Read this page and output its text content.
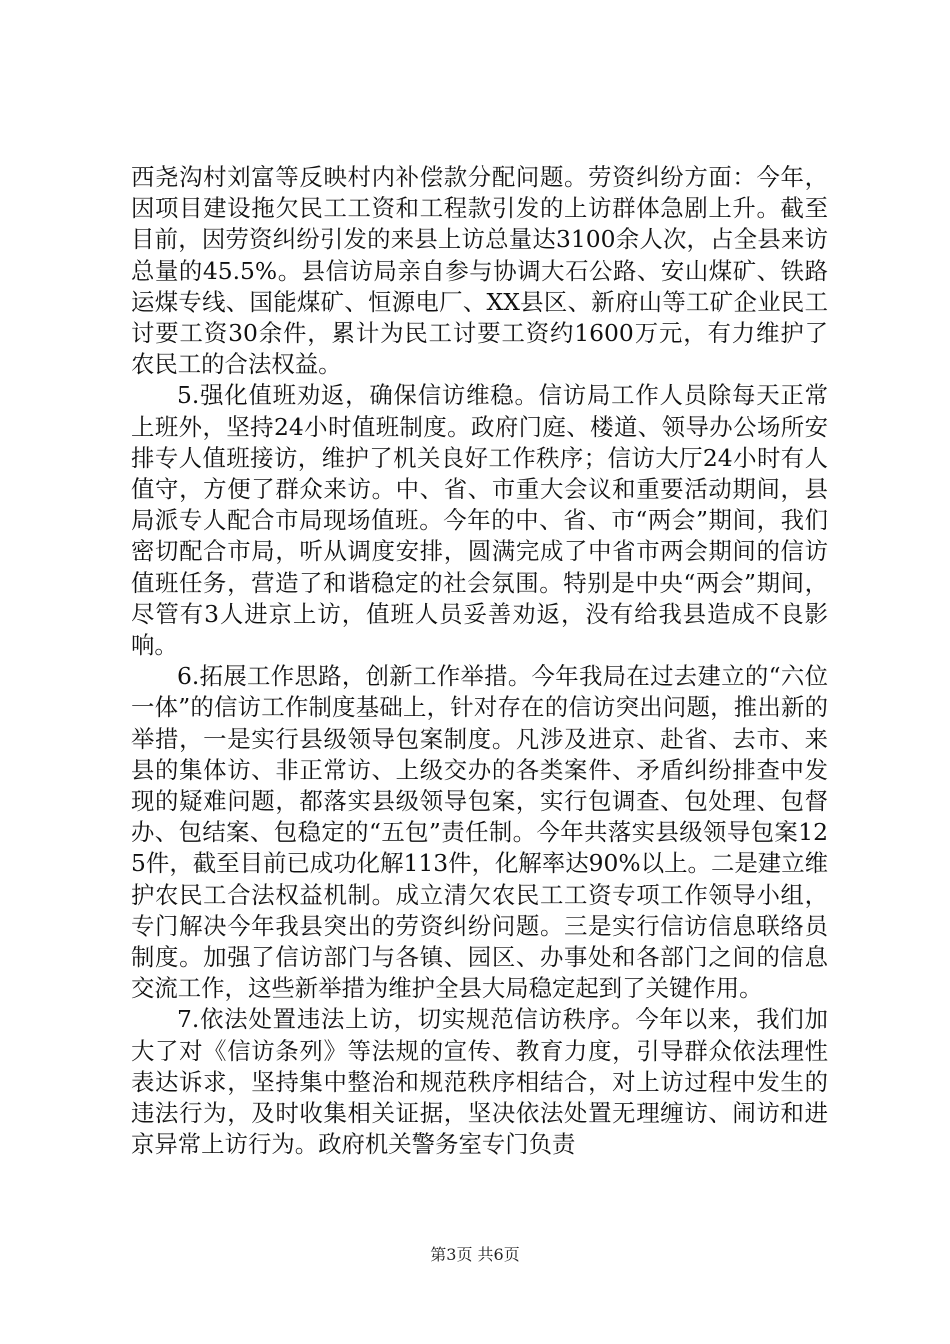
西尧沟村刘富等反映村内补偿款分配问题。劳资纠纷方面：今年，因项目建设拖欠民工工资和工程款引发的上访群体急剧上升。截至目前，因劳资纠纷引发的来县上访总量达3100余人次，占全县来访总量的45.5%。县信访局亲自参与协调大石公路、安山煤矿、铁路运煤专线、国能煤矿、恒源电厂、XX县区、新府山等工矿企业民工讨要工资30余件，累计为民工讨要工资约1600万元，有力维护了农民工的合法权益。

5.强化值班劝返，确保信访维稳。信访局工作人员除每天正常上班外，坚持24小时值班制度。政府门庭、楼道、领导办公场所安排专人值班接访，维护了机关良好工作秩序；信访大厅24小时有人值守，方便了群众来访。中、省、市重大会议和重要活动期间，县局派专人配合市局现场值班。今年的中、省、市“两会”期间，我们密切配合市局，听从调度安排，圆满完成了中省市两会期间的信访值班任务，营造了和谐稳定的社会氛围。特别是中央“两会”期间，尽管有3人进京上访，值班人员妥善劝返，没有给我县造成不良影响。

6.拓展工作思路，创新工作举措。今年我局在过去建立的“六位一体”的信访工作制度基础上，针对存在的信访突出问题，推出新的举措，一是实行县级领导包案制度。凡涉及进京、赴省、去市、来县的集体访、非正常访、上级交办的各类案件、矛盾纠纷排查中发现的疑难问题，都落实县级领导包案，实行包调查、包处理、包督办、包结案、包稳定的“五包”责任制。今年共落实县级领导包案125件，截至目前已成功化解113件，化解率达90%以上。二是建立维护农民工合法权益机制。成立清欠农民工工资专项工作领导小组，专门解决今年我县突出的劳资纠纷问题。三是实行信访信息联络员制度。加强了信访部门与各镇、园区、办事处和各部门之间的信息交流工作，这些新举措为维护全县大局稳定起到了关键作用。

7.依法处置违法上访，切实规范信访秩序。今年以来，我们加大了对《信访条列》等法规的宣传、教育力度，引导群众依法理性表达诉求，坚持集中整治和规范秩序相结合，对上访过程中发生的违法行为，及时收集相关证据，坚决依法处置无理缠访、闹访和进京异常上访行为。政府机关警务室专门负责

第3页 共6页
